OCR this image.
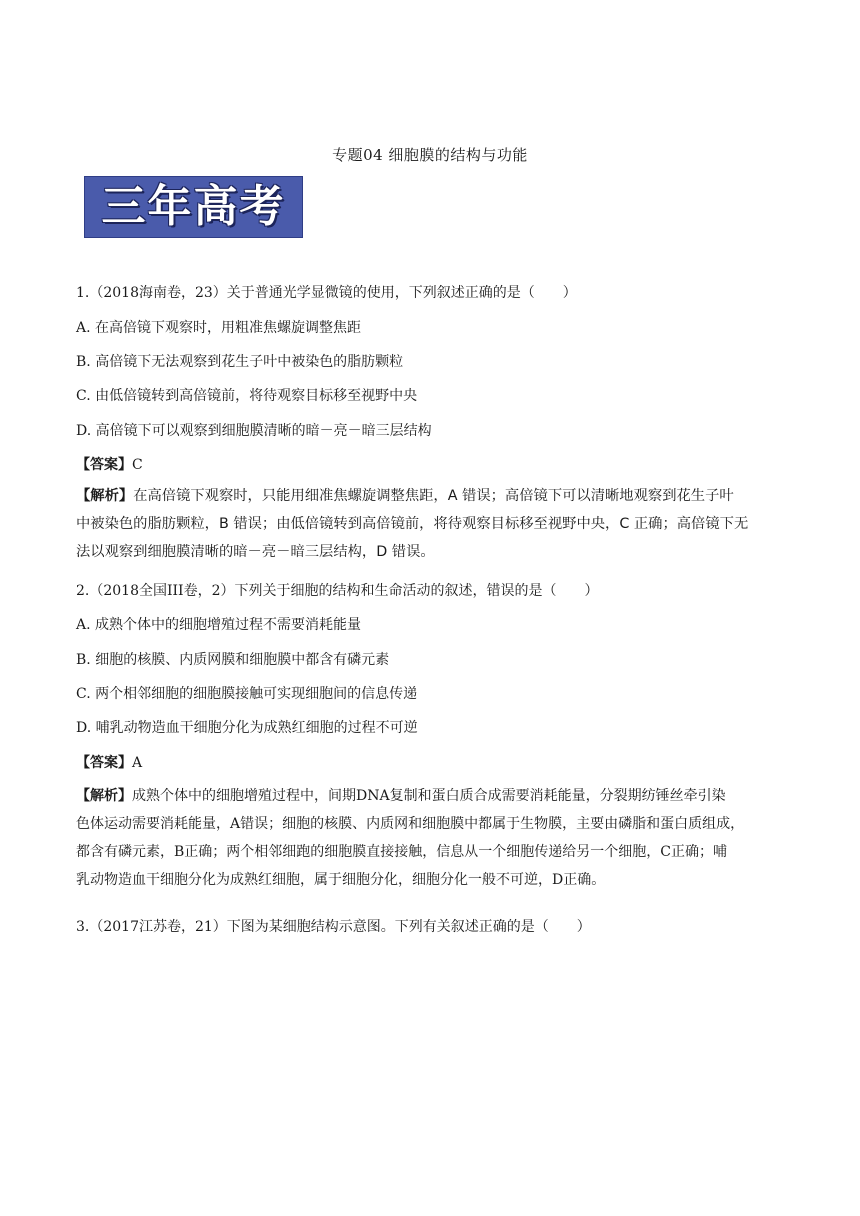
专题04 细胞膜的结构与功能
三年高考
1.（2018海南卷，23）关于普通光学显微镜的使用，下列叙述正确的是（　　）
A. 在高倍镜下观察时，用粗准焦螺旋调整焦距
B. 高倍镜下无法观察到花生子叶中被染色的脂肪颗粒
C. 由低倍镜转到高倍镜前，将待观察目标移至视野中央
D. 高倍镜下可以观察到细胞膜清晰的暗－亮－暗三层结构
【答案】C
【解析】在高倍镜下观察时，只能用细准焦螺旋调整焦距，A 错误；高倍镜下可以清晰地观察到花生子叶
中被染色的脂肪颗粒，B 错误；由低倍镜转到高倍镜前，将待观察目标移至视野中央，C 正确；高倍镜下无
法以观察到细胞膜清晰的暗－亮－暗三层结构，D 错误。
2.（2018全国III卷，2）下列关于细胞的结构和生命活动的叙述，错误的是（　　）
A. 成熟个体中的细胞增殖过程不需要消耗能量
B. 细胞的核膜、内质网膜和细胞膜中都含有磷元素
C. 两个相邻细胞的细胞膜接触可实现细胞间的信息传递
D. 哺乳动物造血干细胞分化为成熟红细胞的过程不可逆
【答案】A
【解析】成熟个体中的细胞增殖过程中，间期DNA复制和蛋白质合成需要消耗能量，分裂期纺锤丝牵引染
色体运动需要消耗能量，A错误；细胞的核膜、内质网和细胞膜中都属于生物膜，主要由磷脂和蛋白质组成，
都含有磷元素，B正确；两个相邻细跑的细胞膜直接接触，信息从一个细胞传递给另一个细胞，C正确；哺
乳动物造血干细胞分化为成熟红细胞，属于细胞分化，细胞分化一般不可逆，D正确。
3.（2017江苏卷，21）下图为某细胞结构示意图。下列有关叙述正确的是（　　）
